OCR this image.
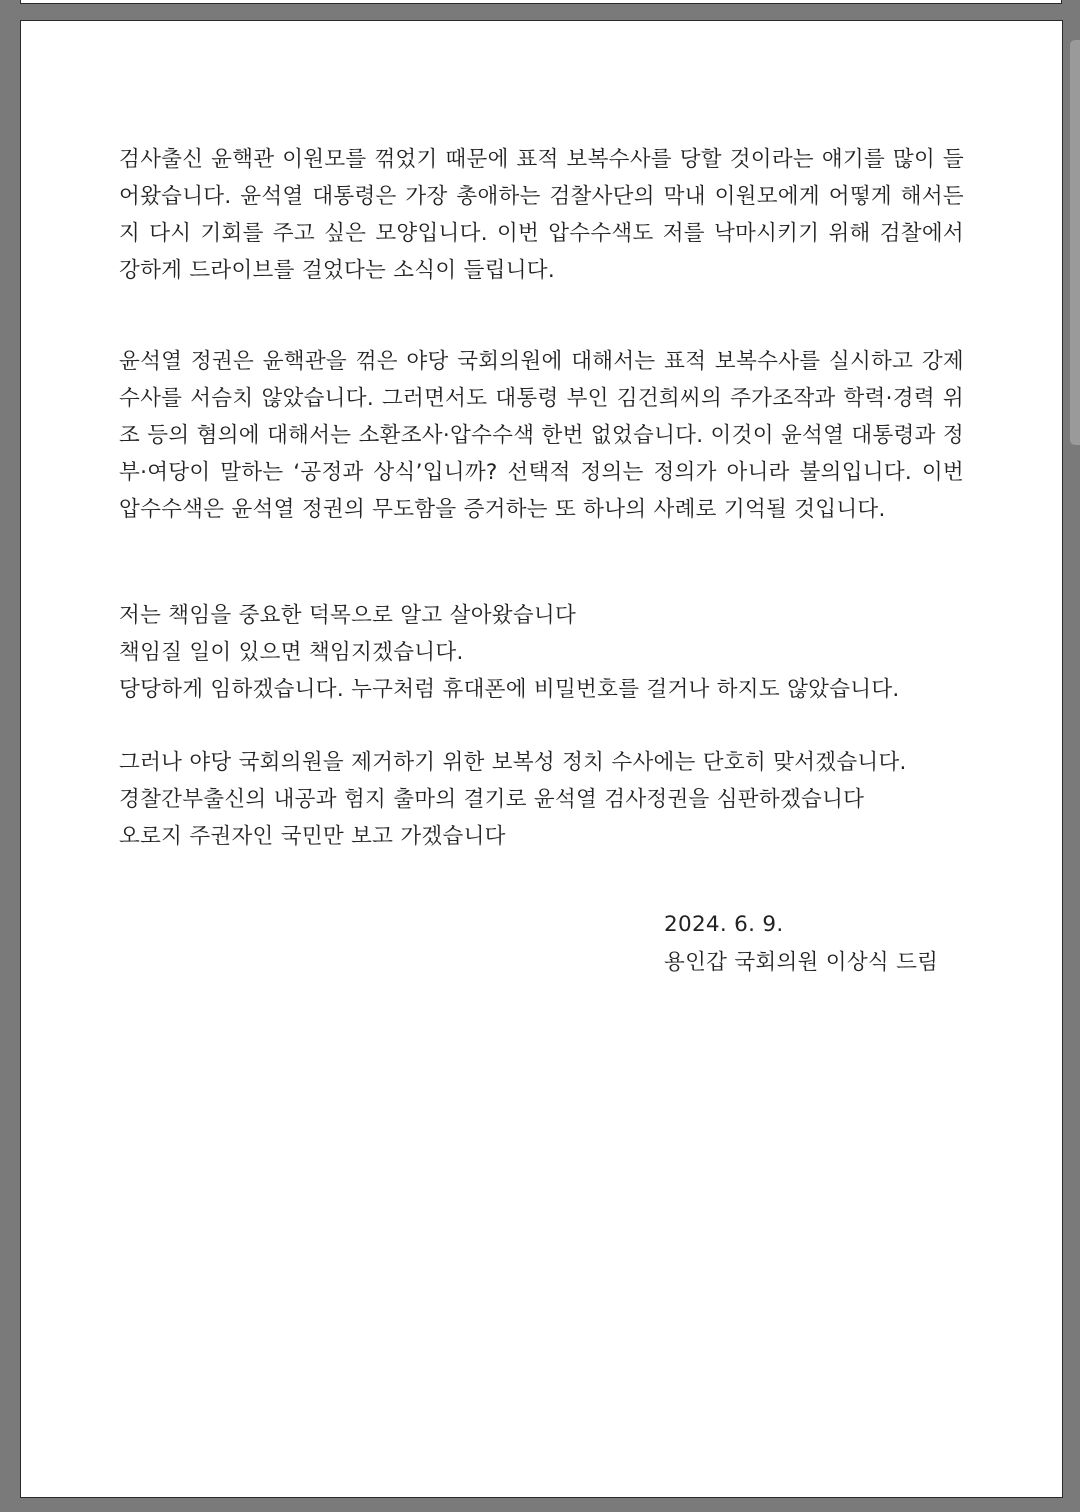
검사출신 윤핵관 이원모를 꺾었기 때문에 표적 보복수사를 당할 것이라는 얘기를 많이 들어왔습니다. 윤석열 대통령은 가장 총애하는 검찰사단의 막내 이원모에게 어떻게 해서든지 다시 기회를 주고 싶은 모양입니다. 이번 압수수색도 저를 낙마시키기 위해 검찰에서 강하게 드라이브를 걸었다는 소식이 들립니다.

윤석열 정권은 윤핵관을 꺾은 야당 국회의원에 대해서는 표적 보복수사를 실시하고 강제수사를 서슴치 않았습니다. 그러면서도 대통령 부인 김건희씨의 주가조작과 학력·경력 위조 등의 혐의에 대해서는 소환조사·압수수색 한번 없었습니다. 이것이 윤석열 대통령과 정부·여당이 말하는 ‘공정과 상식’입니까? 선택적 정의는 정의가 아니라 불의입니다. 이번 압수수색은 윤석열 정권의 무도함을 증거하는 또 하나의 사례로 기억될 것입니다.

저는 책임을 중요한 덕목으로 알고 살아왔습니다

책임질 일이 있으면 책임지겠습니다.

당당하게 임하겠습니다. 누구처럼 휴대폰에 비밀번호를 걸거나 하지도 않았습니다.

그러나 야당 국회의원을 제거하기 위한 보복성 정치 수사에는 단호히 맞서겠습니다.

경찰간부출신의 내공과 험지 출마의 결기로 윤석열 검사정권을 심판하겠습니다

오로지 주권자인 국민만 보고 가겠습니다

2024. 6. 9.
용인갑 국회의원 이상식 드림
